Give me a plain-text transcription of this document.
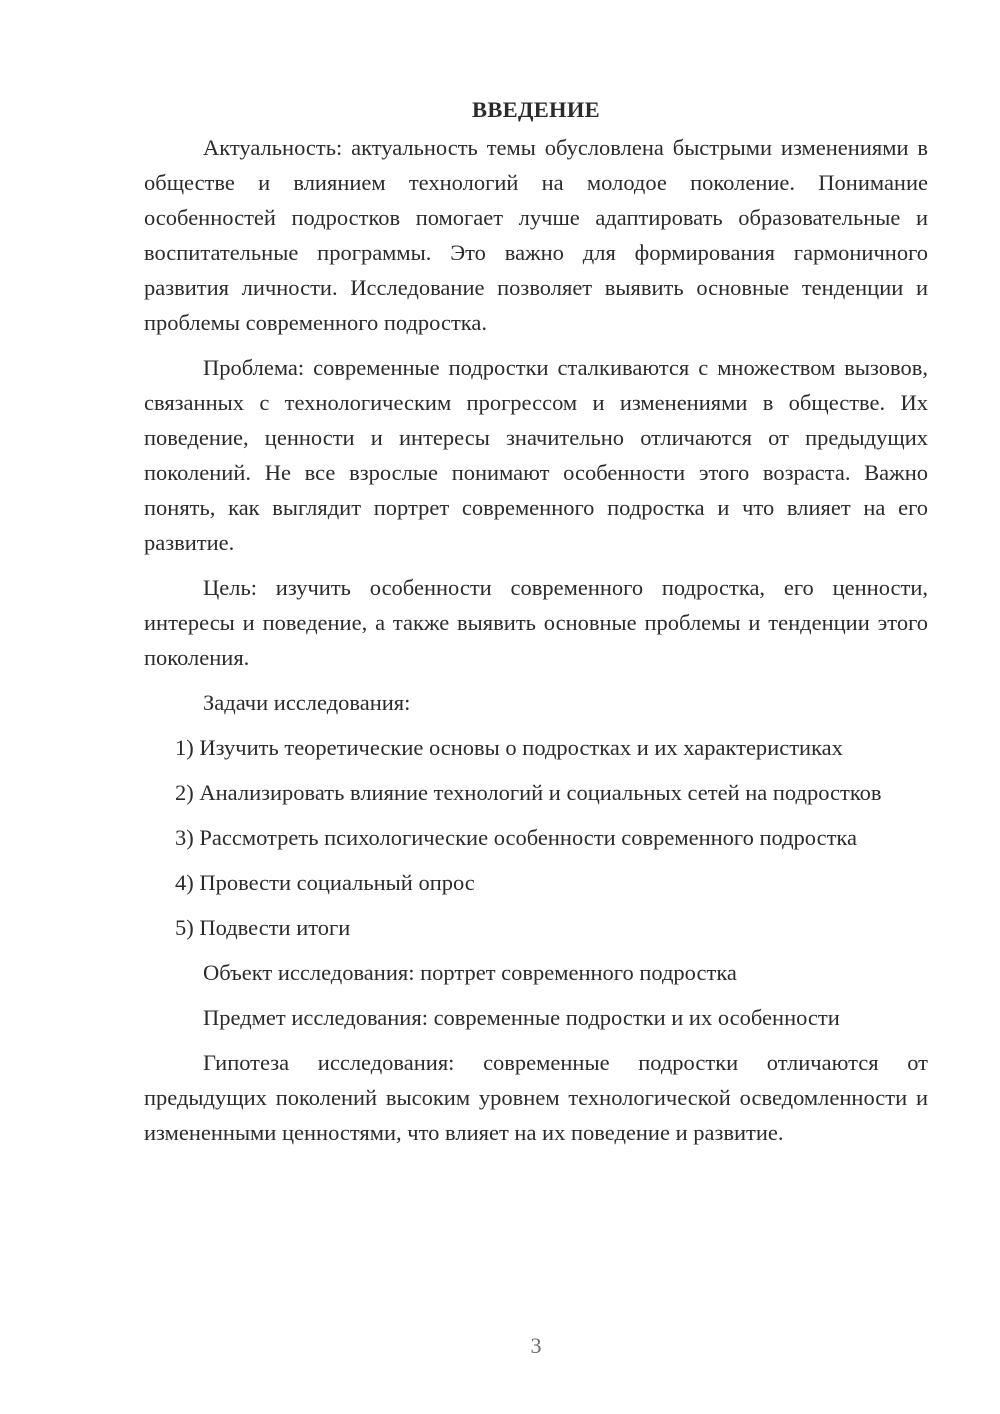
ВВЕДЕНИЕ

Актуальность: актуальность темы обусловлена быстрыми изменениями в обществе и влиянием технологий на молодое поколение. Понимание особенностей подростков помогает лучше адаптировать образовательные и воспитательные программы. Это важно для формирования гармоничного развития личности. Исследование позволяет выявить основные тенденции и проблемы современного подростка.

Проблема: современные подростки сталкиваются с множеством вызовов, связанных с технологическим прогрессом и изменениями в обществе. Их поведение, ценности и интересы значительно отличаются от предыдущих поколений. Не все взрослые понимают особенности этого возраста. Важно понять, как выглядит портрет современного подростка и что влияет на его развитие.

Цель: изучить особенности современного подростка, его ценности, интересы и поведение, а также выявить основные проблемы и тенденции этого поколения.

Задачи исследования:

1) Изучить теоретические основы о подростках и их характеристиках

2) Анализировать влияние технологий и социальных сетей на подростков

3) Рассмотреть психологические особенности современного подростка

4) Провести социальный опрос

5) Подвести итоги

Объект исследования: портрет современного подростка

Предмет исследования: современные подростки и их особенности

Гипотеза исследования: современные подростки отличаются от предыдущих поколений высоким уровнем технологической осведомленности и измененными ценностями, что влияет на их поведение и развитие.

3
